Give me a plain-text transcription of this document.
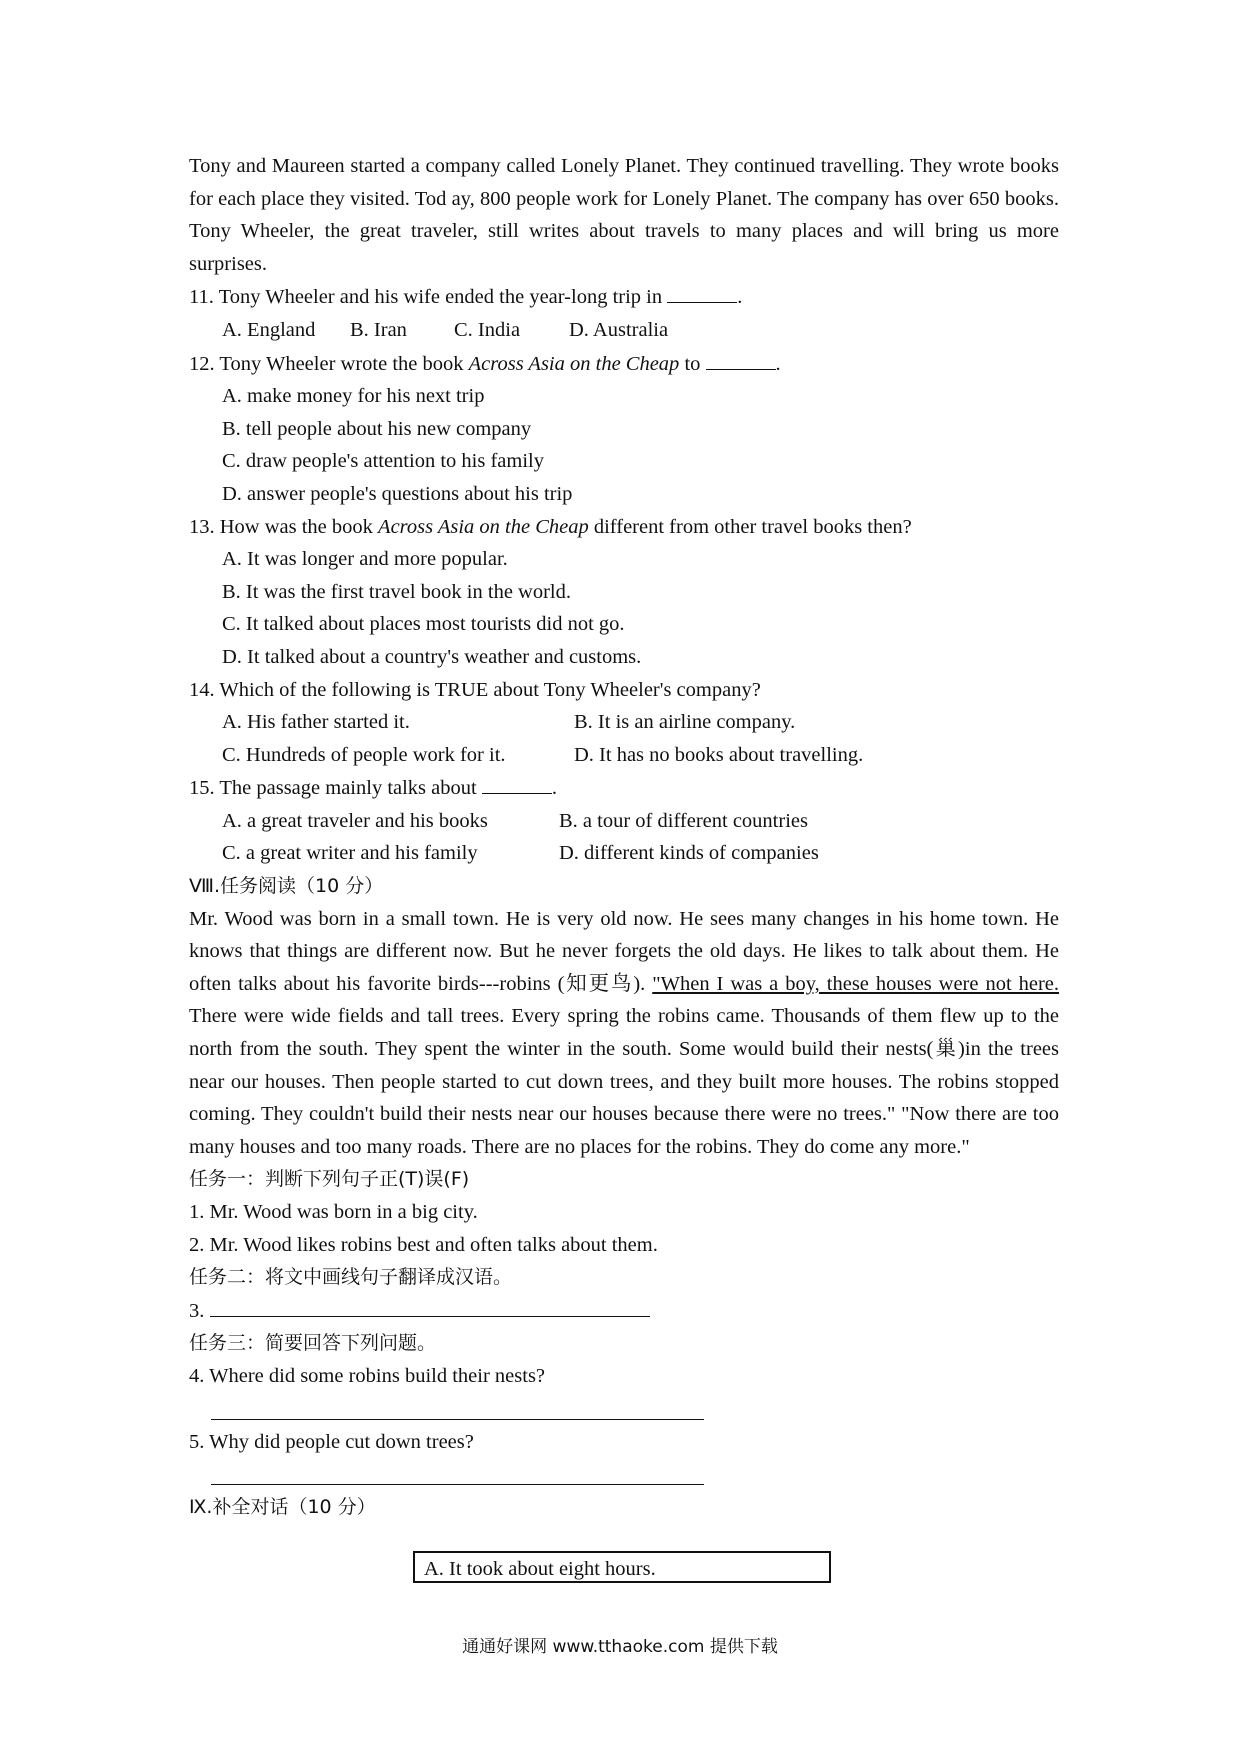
Tony and Maureen started a company called Lonely Planet. They continued travelling. They wrote books for each place they visited. Tod ay, 800 people work for Lonely Planet. The company has over 650 books. Tony Wheeler, the great traveler, still writes about travels to many places and will bring us more surprises.

11. Tony Wheeler and his wife ended the year-long trip in	.
A. England B. Iran C. India D. Australia
12. Tony Wheeler wrote the book Across Asia on the Cheap to	.
A. make money for his next trip
B. tell people about his new company
C. draw people's attention to his family
D. answer people's questions about his trip
13. How was the book Across Asia on the Cheap different from other travel books then?
A. It was longer and more popular.
B. It was the first travel book in the world.
C. It talked about places most tourists did not go.
D. It talked about a country's weather and customs.
14. Which of the following is TRUE about Tony Wheeler's company?
A. His father started it.	B. It is an airline company.
C. Hundreds of people work for it.	D. It has no books about travelling.
15. The passage mainly talks about	.
A. a great traveler and his books	B. a tour of different countries
C. a great writer and his family	D. different kinds of companies
Ⅷ.任务阅读（10 分）

Mr. Wood was born in a small town. He is very old now. He sees many changes in his home town. He knows that things are different now. But he never forgets the old days. He likes to talk about them. He often talks about his favorite birds---robins (知更鸟). "When I was a boy, these houses were not here. There were wide fields and tall trees. Every spring the robins came. Thousands of them flew up to the north from the south. They spent the winter in the south. Some would build their nests(巢)in the trees near our houses. Then people started to cut down trees, and they built more houses. The robins stopped coming. They couldn't build their nests near our houses because there were no trees." "Now there are too many houses and too many roads. There are no places for the robins. They do come any more."

任务一：判断下列句子正(T)误(F)
1. Mr. Wood was born in a big city.
2. Mr. Wood likes robins best and often talks about them.
任务二：将文中画线句子翻译成汉语。
3.
任务三：简要回答下列问题。
4. Where did some robins build their nests?
5. Why did people cut down trees?
Ⅸ.补全对话（10 分）
A. It took about eight hours.
通通好课网 www.tthaoke.com 提供下载
